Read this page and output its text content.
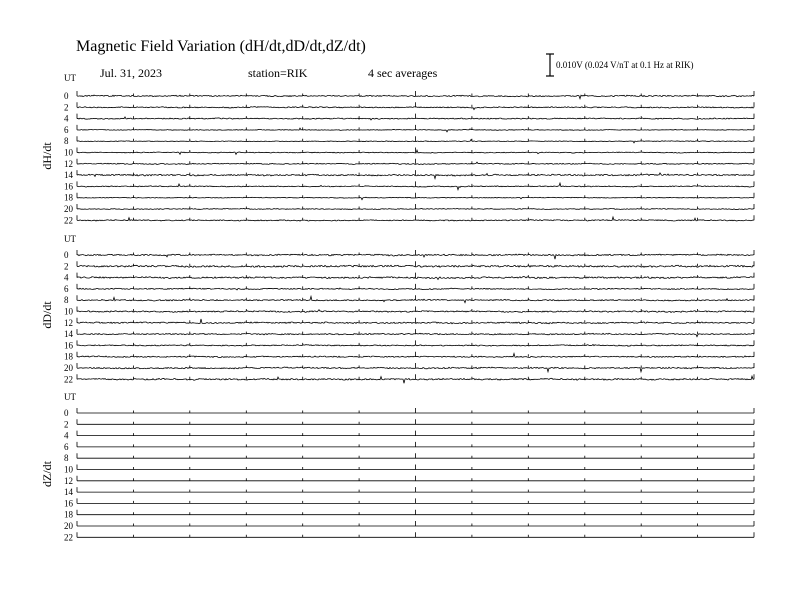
Magnetic Field Variation (dH/dt,dD/dt,dZ/dt)
Jul. 31, 2023	station=RIK	4 sec averages
0.010V (0.024 V/nT at 0.1 Hz at RIK)
UT
dH/dt
0
2
4
6
8
10
12
14
16
18
20
22
UT
dD/dt
0
2
4
6
8
10
12
14
16
18
20
22
UT
dZ/dt
0
2
4
6
8
10
12
14
16
18
20
22
